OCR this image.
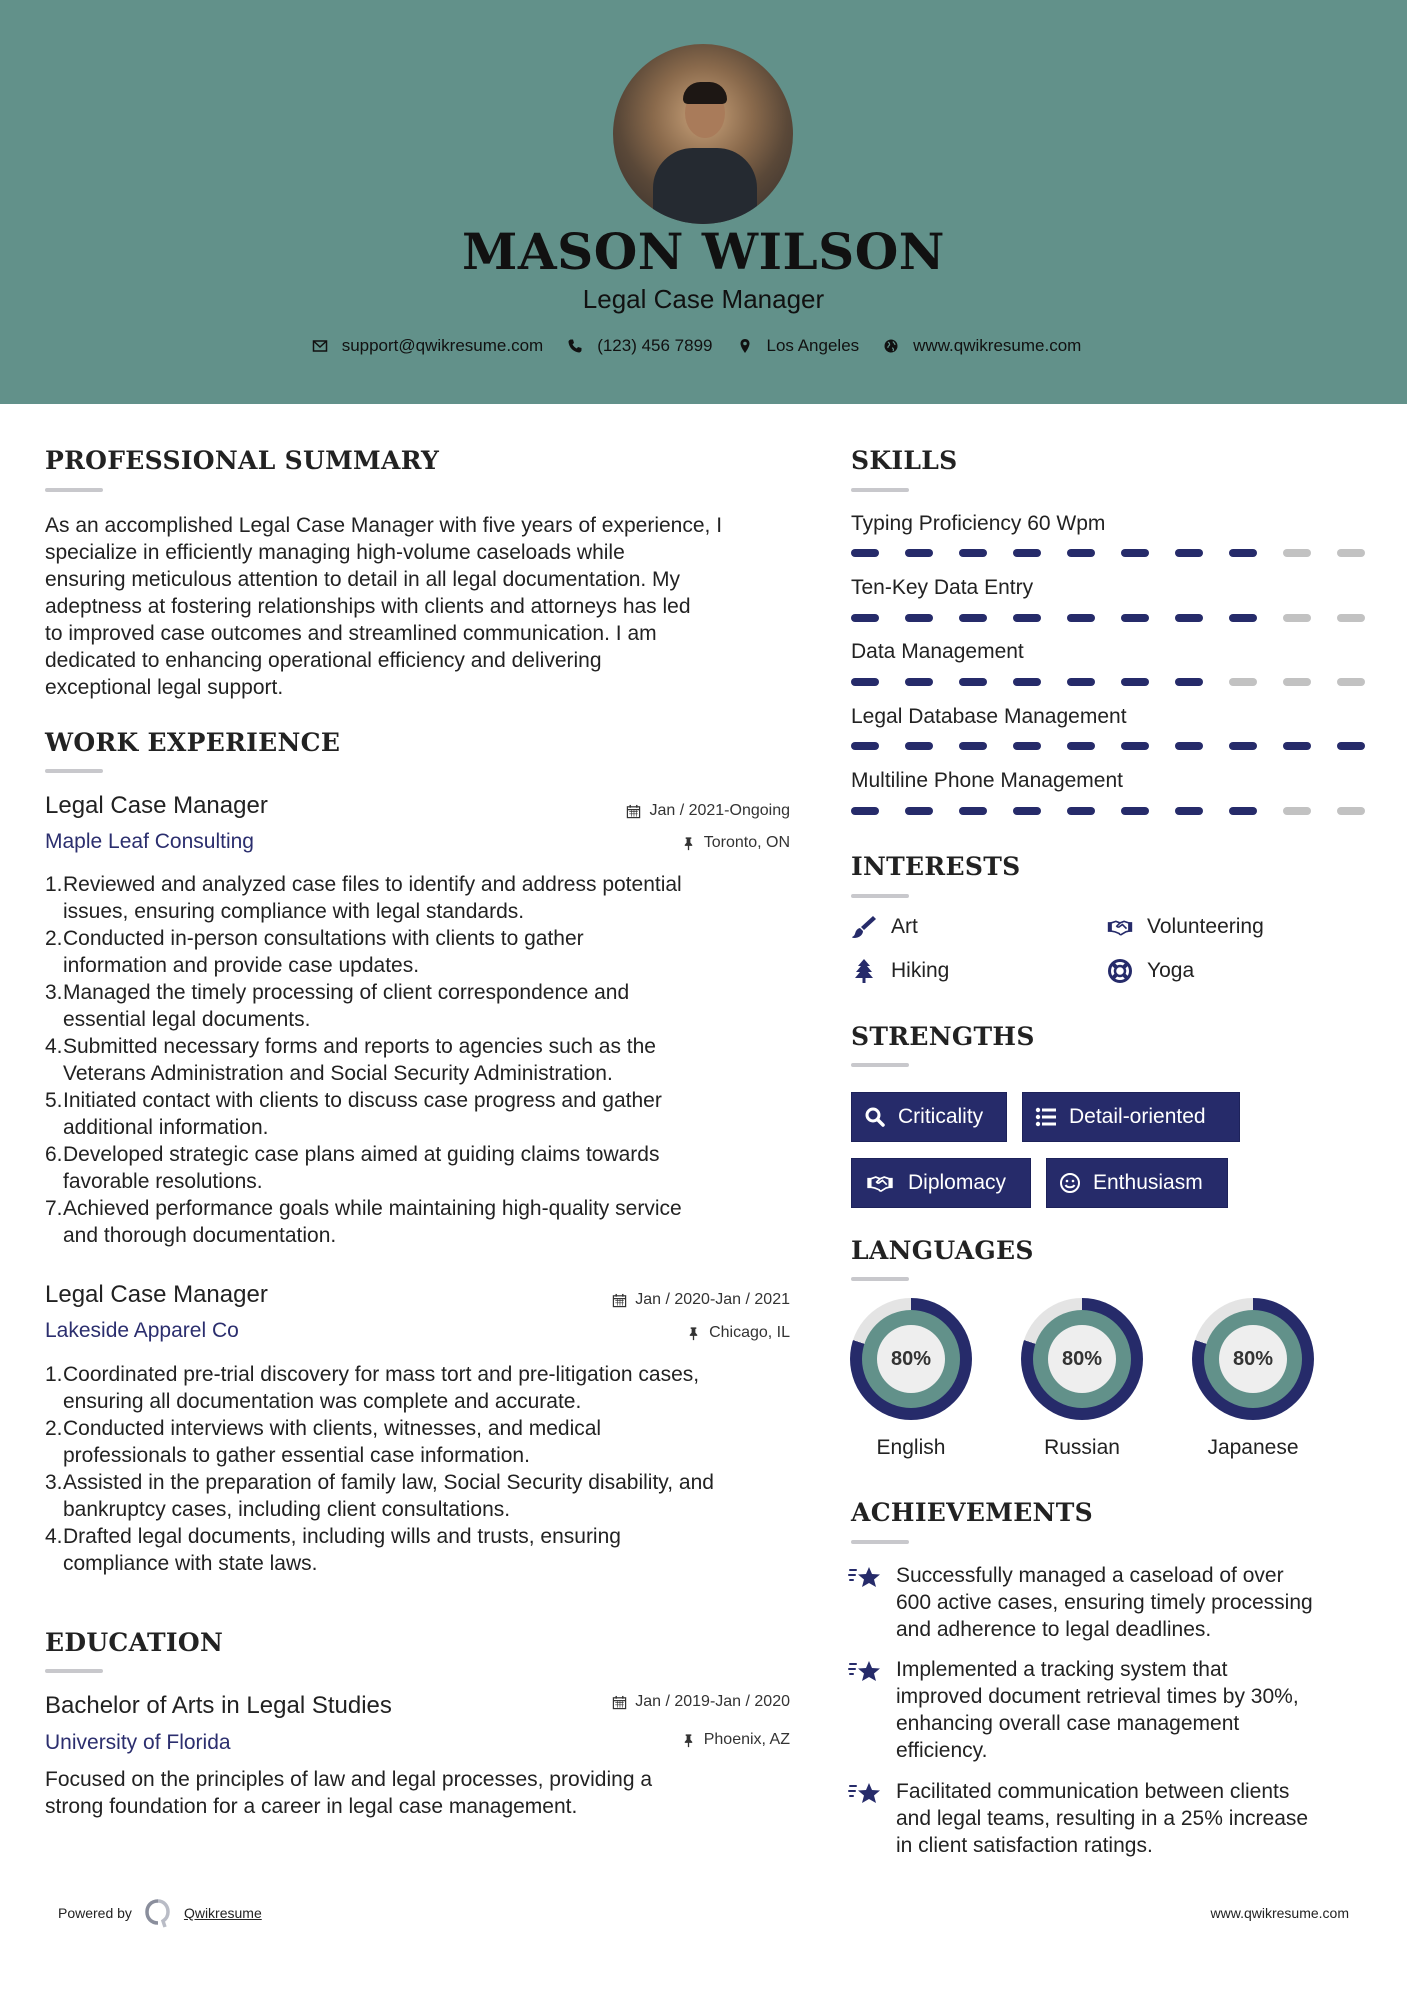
MASON WILSON
Legal Case Manager
support@qwikresume.com	(123) 456 7899	Los Angeles	www.qwikresume.com
PROFESSIONAL SUMMARY
As an accomplished Legal Case Manager with five years of experience, I
specialize in efficiently managing high-volume caseloads while
ensuring meticulous attention to detail in all legal documentation. My
adeptness at fostering relationships with clients and attorneys has led
to improved case outcomes and streamlined communication. I am
dedicated to enhancing operational efficiency and delivering
exceptional legal support.
WORK EXPERIENCE
Legal Case Manager
Maple Leaf Consulting
Jan / 2021-Ongoing
Toronto, ON
1. Reviewed and analyzed case files to identify and address potential
issues, ensuring compliance with legal standards.
2. Conducted in-person consultations with clients to gather
information and provide case updates.
3. Managed the timely processing of client correspondence and
essential legal documents.
4. Submitted necessary forms and reports to agencies such as the
Veterans Administration and Social Security Administration.
5. Initiated contact with clients to discuss case progress and gather
additional information.
6. Developed strategic case plans aimed at guiding claims towards
favorable resolutions.
7. Achieved performance goals while maintaining high-quality service
and thorough documentation.
Legal Case Manager
Lakeside Apparel Co
Jan / 2020-Jan / 2021
Chicago, IL
1. Coordinated pre-trial discovery for mass tort and pre-litigation cases,
ensuring all documentation was complete and accurate.
2. Conducted interviews with clients, witnesses, and medical
professionals to gather essential case information.
3. Assisted in the preparation of family law, Social Security disability, and
bankruptcy cases, including client consultations.
4. Drafted legal documents, including wills and trusts, ensuring
compliance with state laws.
EDUCATION
Bachelor of Arts in Legal Studies
University of Florida
Jan / 2019-Jan / 2020
Phoenix, AZ
Focused on the principles of law and legal processes, providing a
strong foundation for a career in legal case management.
SKILLS
Typing Proficiency 60 Wpm
Ten-Key Data Entry
Data Management
Legal Database Management
Multiline Phone Management
INTERESTS
Art	Volunteering
Hiking	Yoga
STRENGTHS
Criticality	Detail-oriented
Diplomacy	Enthusiasm
LANGUAGES
80%
English
80%
Russian
80%
Japanese
ACHIEVEMENTS
Successfully managed a caseload of over
600 active cases, ensuring timely processing
and adherence to legal deadlines.
Implemented a tracking system that
improved document retrieval times by 30%,
enhancing overall case management
efficiency.
Facilitated communication between clients
and legal teams, resulting in a 25% increase
in client satisfaction ratings.
Powered by	Qwikresume	www.qwikresume.com
